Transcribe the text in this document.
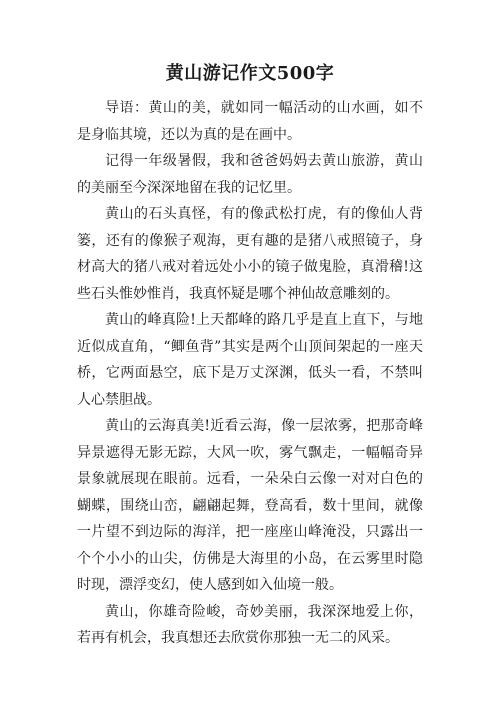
黄山游记作文500字

导语：黄山的美，就如同一幅活动的山水画，如不是身临其境，还以为真的是在画中。

记得一年级暑假，我和爸爸妈妈去黄山旅游，黄山的美丽至今深深地留在我的记忆里。

黄山的石头真怪，有的像武松打虎，有的像仙人背篓，还有的像猴子观海，更有趣的是猪八戒照镜子，身材高大的猪八戒对着远处小小的镜子做鬼脸，真滑稽!这些石头惟妙惟肖，我真怀疑是哪个神仙故意雕刻的。

黄山的峰真险!上天都峰的路几乎是直上直下，与地近似成直角，“鲫鱼背”其实是两个山顶间架起的一座天桥，它两面悬空，底下是万丈深渊，低头一看，不禁叫人心禁胆战。

黄山的云海真美!近看云海，像一层浓雾，把那奇峰异景遮得无影无踪，大风一吹，雾气飘走，一幅幅奇异景象就展现在眼前。远看，一朵朵白云像一对对白色的蝴蝶，围绕山峦，翩翩起舞，登高看，数十里间，就像一片望不到边际的海洋，把一座座山峰淹没，只露出一个个小小的山尖，仿佛是大海里的小岛，在云雾里时隐时现，漂浮变幻，使人感到如入仙境一般。

黄山，你雄奇险峻，奇妙美丽，我深深地爱上你，若再有机会，我真想还去欣赏你那独一无二的风采。
